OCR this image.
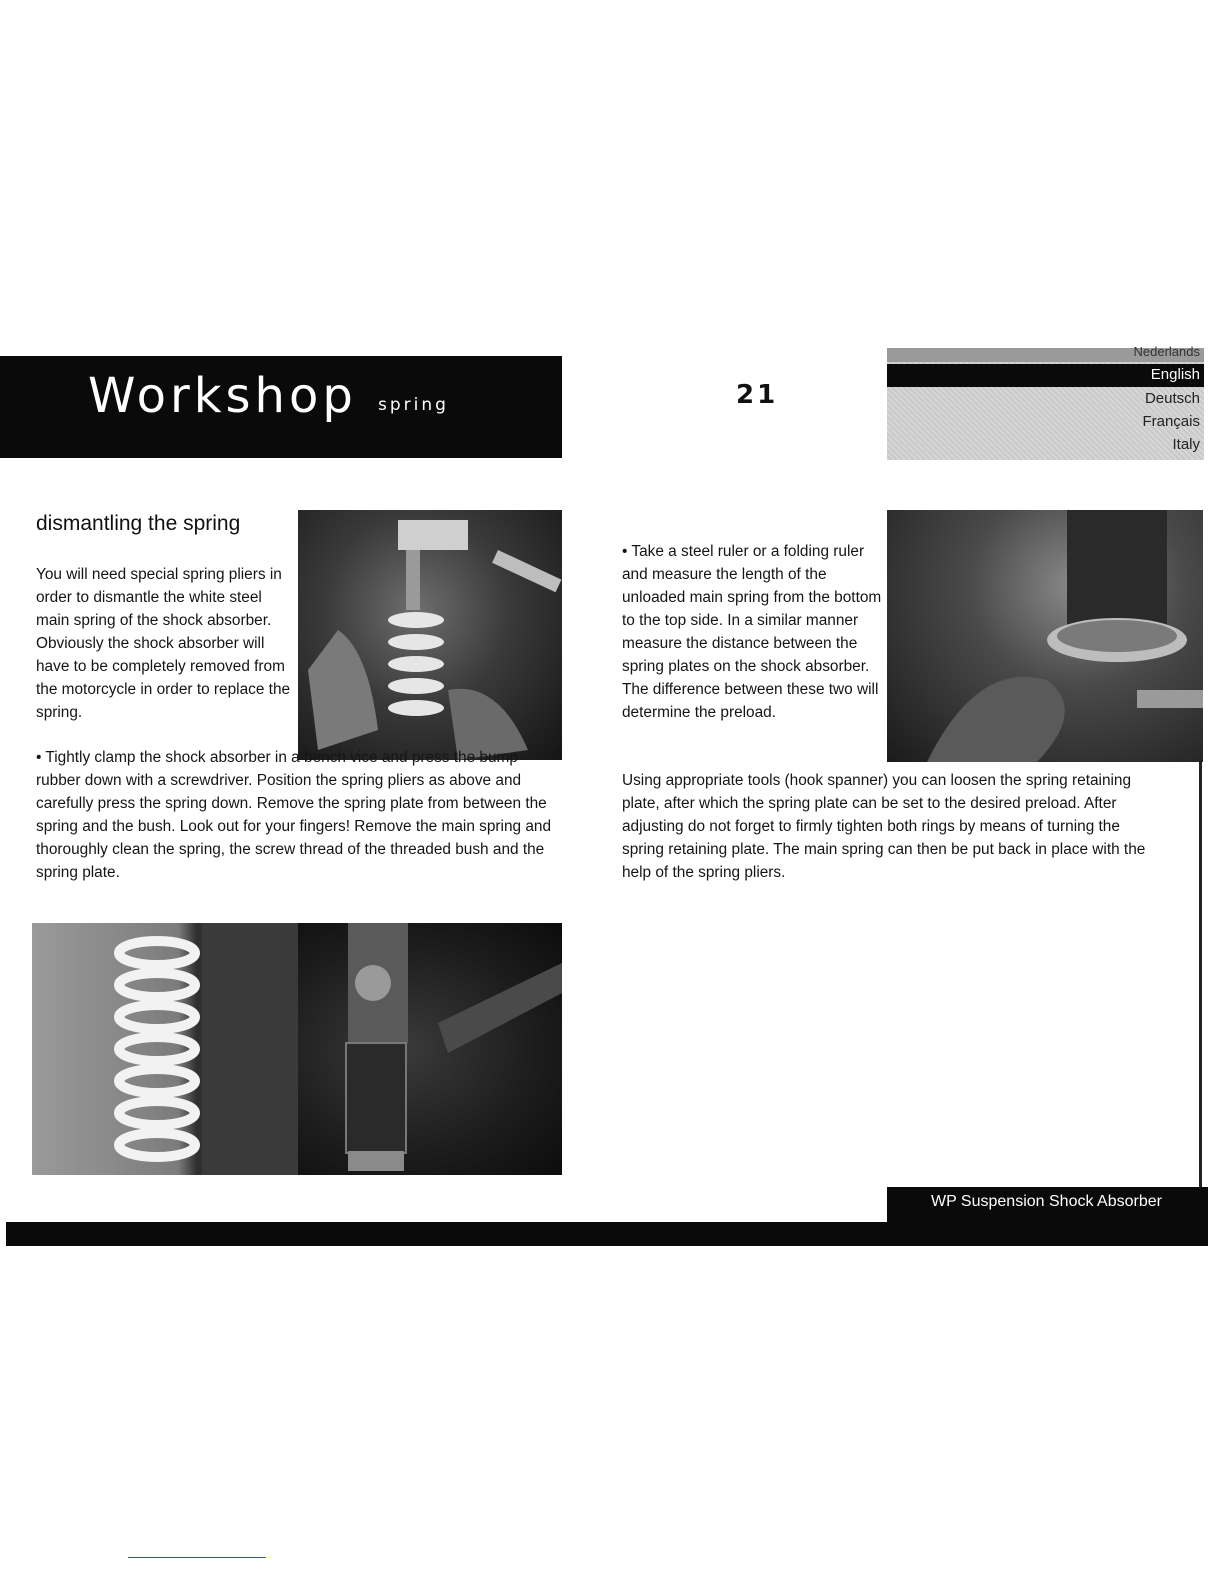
Workshop spring	21
Nederlands
English
Deutsch
Français
Italy
dismantling the spring
You will need special spring pliers in order to dismantle the white steel main spring of the shock absorber. Obviously the shock absorber will have to be completely removed from the motorcycle in order to replace the spring.
• Tightly clamp the shock absorber in a bench vice and press the bump rubber down with a screwdriver. Position the spring pliers as above and carefully press the spring down. Remove the spring plate from between the spring and the bush. Look out for your fingers! Remove the main spring and thoroughly clean the spring, the screw thread of the threaded bush and the spring plate.
• Take a steel ruler or a folding ruler and measure the length of the unloaded main spring from the bottom to the top side. In a similar manner measure the distance between the spring plates on the shock absorber. The difference between these two will determine the preload.
Using appropriate tools (hook spanner) you can loosen the spring retaining plate, after which the spring plate can be set to the desired preload. After adjusting do not forget to firmly tighten both rings by means of turning the spring retaining plate. The main spring can then be put back in place with the help of the spring pliers.
WP Suspension Shock Absorber
